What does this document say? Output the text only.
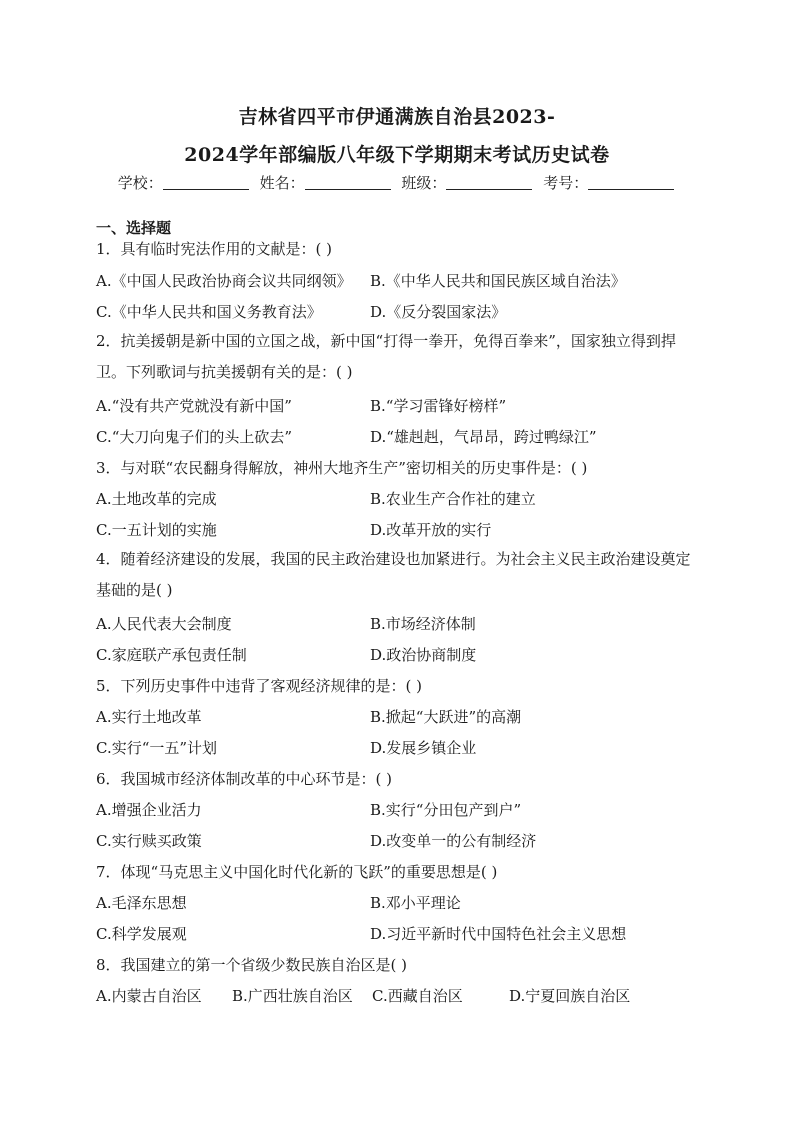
吉林省四平市伊通满族自治县2023-
2024学年部编版八年级下学期期末考试历史试卷
学校：	姓名：	班级：	考号：
一、选择题
1．具有临时宪法作用的文献是：( )
A.《中国人民政治协商会议共同纲领》 B.《中华人民共和国民族区域自治法》
C.《中华人民共和国义务教育法》	D.《反分裂国家法》
2．抗美援朝是新中国的立国之战，新中国“打得一拳开，免得百拳来”，国家独立得到捍卫。下列歌词与抗美援朝有关的是：( )
A.“没有共产党就没有新中国”	B.“学习雷锋好榜样”
C.“大刀向鬼子们的头上砍去”	D.“雄赳赳，气昂昂，跨过鸭绿江”
3．与对联“农民翻身得解放，神州大地齐生产”密切相关的历史事件是：( )
A.土地改革的完成	B.农业生产合作社的建立
C.一五计划的实施	D.改革开放的实行
4．随着经济建设的发展，我国的民主政治建设也加紧进行。为社会主义民主政治建设奠定基础的是( )
A.人民代表大会制度	B.市场经济体制
C.家庭联产承包责任制	D.政治协商制度
5．下列历史事件中违背了客观经济规律的是：( )
A.实行土地改革	B.掀起“大跃进”的高潮
C.实行“一五”计划	D.发展乡镇企业
6．我国城市经济体制改革的中心环节是：( )
A.增强企业活力	B.实行“分田包产到户”
C.实行赎买政策	D.改变单一的公有制经济
7．体现“马克思主义中国化时代化新的飞跃”的重要思想是( )
A.毛泽东思想	B.邓小平理论
C.科学发展观	D.习近平新时代中国特色社会主义思想
8．我国建立的第一个省级少数民族自治区是( )
A.内蒙古自治区 B.广西壮族自治区 C.西藏自治区	D.宁夏回族自治区
